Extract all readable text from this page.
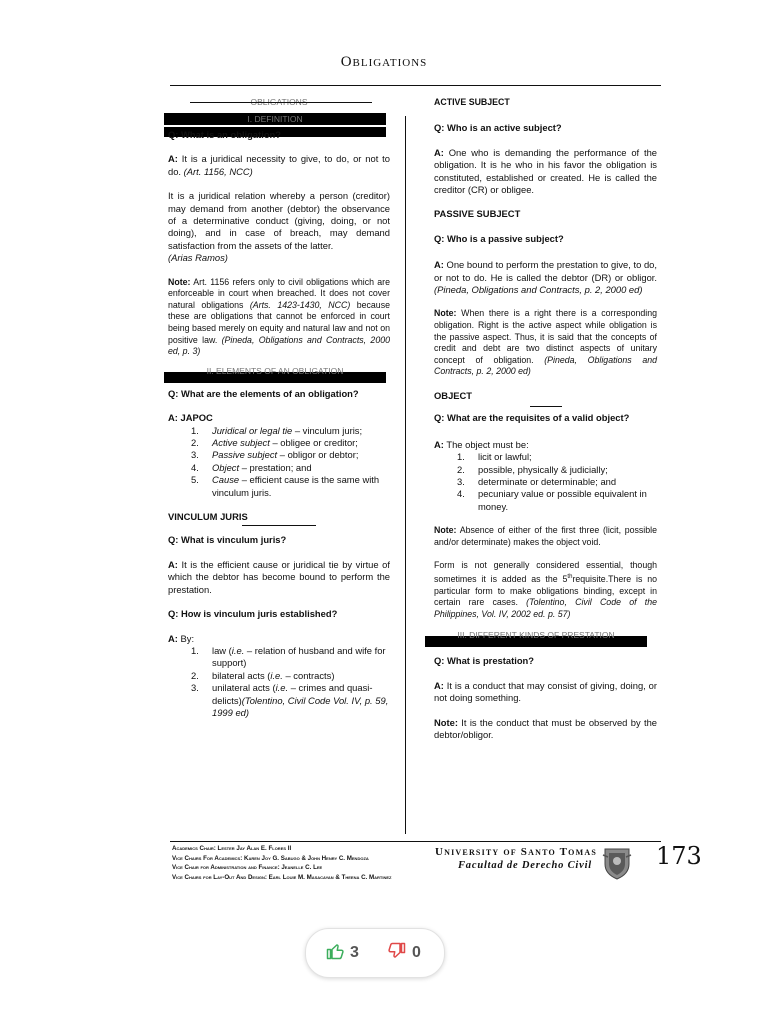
Obligations
OBLIGATIONS
I. DEFINITION

Q: What is an obligation?

A: It is a juridical necessity to give, to do, or not to do. (Art. 1156, NCC)

It is a juridical relation whereby a person (creditor) may demand from another (debtor) the observance of a determinative conduct (giving, doing, or not doing), and in case of breach, may demand satisfaction from the assets of the latter.
(Arias Ramos)

Note: Art. 1156 refers only to civil obligations which are enforceable in court when breached. It does not cover natural obligations (Arts. 1423-1430, NCC) because these are obligations that cannot be enforced in court being based merely on equity and natural law and not on positive law. (Pineda, Obligations and Contracts, 2000 ed, p. 3)

II. ELEMENTS OF AN OBLIGATION

Q: What are the elements of an obligation?

A: JAPOC

1. Juridical or legal tie – vinculum juris;
2. Active subject – obligee or creditor;
3. Passive subject – obligor or debtor;
4. Object – prestation; and
5. Cause – efficient cause is the same with vinculum juris.

VINCULUM JURIS

Q: What is vinculum juris?

A: It is the efficient cause or juridical tie by virtue of which the debtor has become bound to perform the prestation.

Q: How is vinculum juris established?

A: By:

1. law (i.e. – relation of husband and wife for support)
2. bilateral acts (i.e. – contracts)
3. unilateral acts (i.e. – crimes and quasi-delicts)(Tolentino, Civil Code Vol. IV, p. 59, 1999 ed)

ACTIVE SUBJECT

Q: Who is an active subject?

A: One who is demanding the performance of the obligation. It is he who in his favor the obligation is constituted, established or created. He is called the creditor (CR) or obligee.

PASSIVE SUBJECT

Q: Who is a passive subject?

A: One bound to perform the prestation to give, to do, or not to do. He is called the debtor (DR) or obligor. (Pineda, Obligations and Contracts, p. 2, 2000 ed)

Note: When there is a right there is a corresponding obligation. Right is the active aspect while obligation is the passive aspect. Thus, it is said that the concepts of credit and debt are two distinct aspects of unitary concept of obligation. (Pineda, Obligations and Contracts, p. 2, 2000 ed)

OBJECT

Q: What are the requisites of a valid object?

A: The object must be:

1. licit or lawful;
2. possible, physically & judicially;
3. determinate or determinable; and
4. pecuniary value or possible equivalent in money.

Note: Absence of either of the first three (licit, possible and/or determinate) makes the object void.

Form is not generally considered essential, though sometimes it is added as the 5threquisite.There is no particular form to make obligations binding, except in certain rare cases. (Tolentino, Civil Code of the Philippines, Vol. IV, 2002 ed. p. 57)

III. DIFFERENT KINDS OF PRESTATION

Q: What is prestation?

A: It is a conduct that may consist of giving, doing, or not doing something.

Note: It is the conduct that must be observed by the debtor/obligor.

Academics Chair: Lester Jay Alan E. Flores II
Vice Chairs For Academics: Karen Joy G. Sabugo & John Henry C. Mendoza
Vice Chair for Administration and Finance: Jeanelle C. Lee
Vice Chairs for Lay-Out And Design: Earl Louie M. Masacayan & Theena C. Martinez
University of Santo Tomas
Facultad de Derecho Civil	173
3	0
